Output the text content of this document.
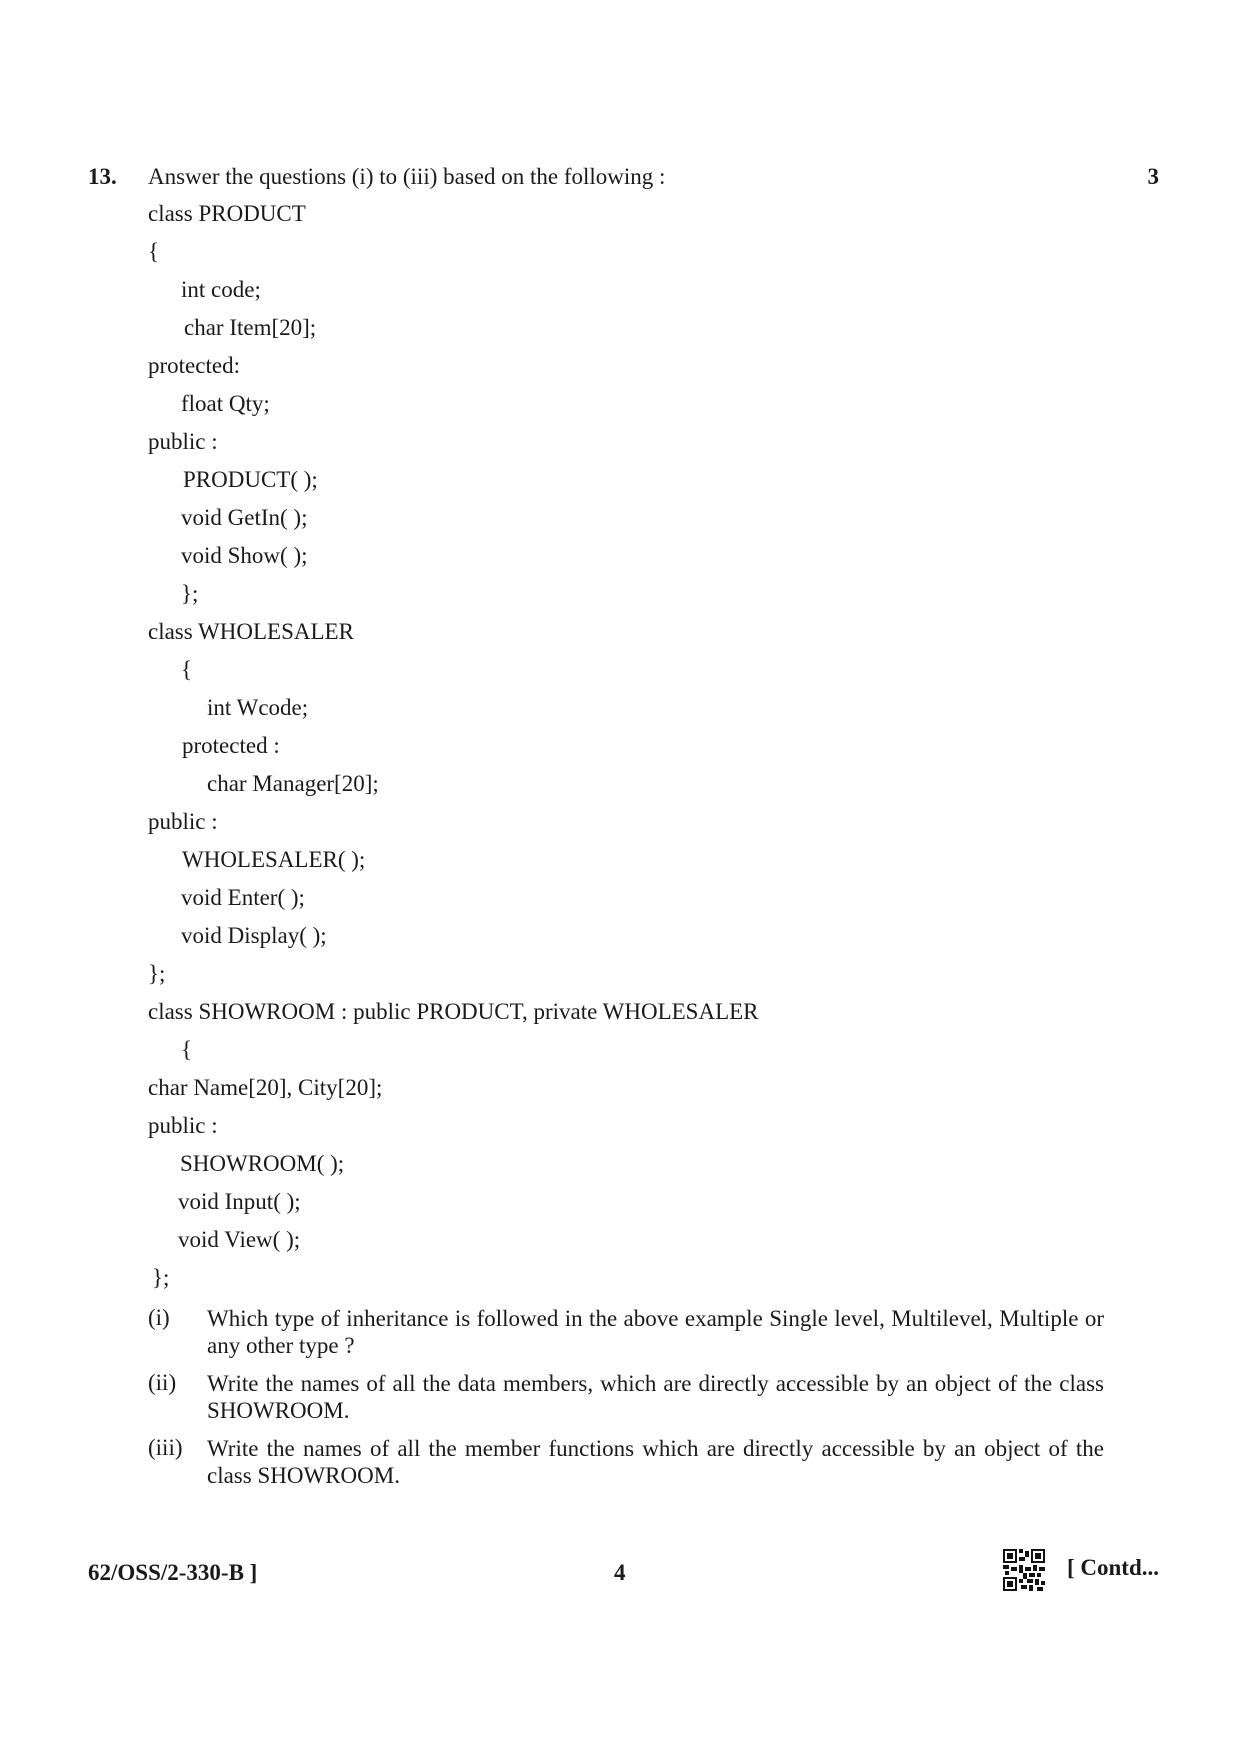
13. Answer the questions (i) to (iii) based on the following :	3
class PRODUCT
{
int code;
char Item[20];
protected:
float Qty;
public :
PRODUCT( );
void GetIn( );
void Show( );
};
class WHOLESALER
{
int Wcode;
protected :
char Manager[20];
public :
WHOLESALER( );
void Enter( );
void Display( );
};
class SHOWROOM : public PRODUCT, private WHOLESALER
{
char Name[20], City[20];
public :
SHOWROOM( );
void Input( );
void View( );
};
(i) Which type of inheritance is followed in the above example Single level, Multilevel, Multiple or any other type ?
(ii) Write the names of all the data members, which are directly accessible by an object of the class SHOWROOM.
(iii) Write the names of all the member functions which are directly accessible by an object of the class SHOWROOM.
62/OSS/2-330-B ]	4	[ Contd...
